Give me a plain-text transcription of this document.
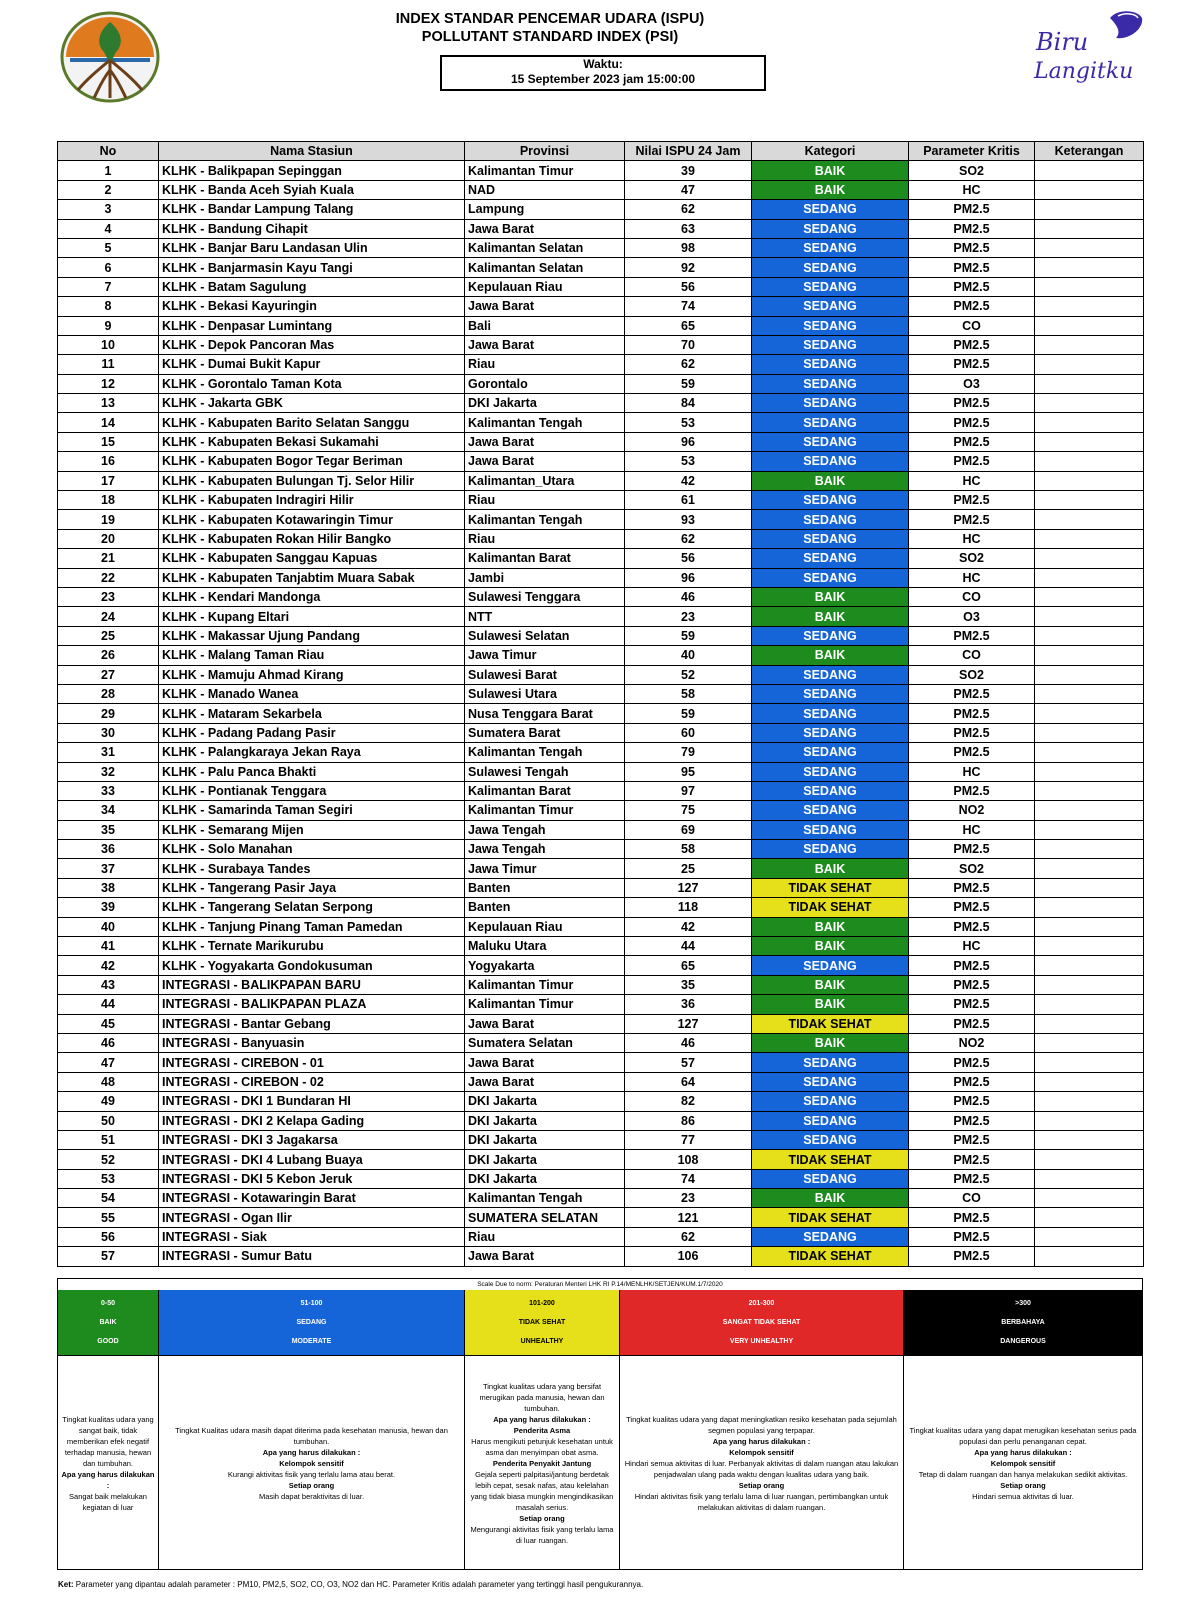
INDEX STANDAR PENCEMAR UDARA (ISPU)
POLLUTANT STANDARD INDEX (PSI)
Waktu:
15 September 2023 jam 15:00:00
Biru
Langitku
No	Nama Stasiun	Provinsi	Nilai ISPU 24 Jam	Kategori	Parameter Kritis	Keterangan
1	KLHK - Balikpapan Sepinggan	Kalimantan Timur	39	BAIK	SO2	
2	KLHK - Banda Aceh Syiah Kuala	NAD	47	BAIK	HC	
3	KLHK - Bandar Lampung Talang	Lampung	62	SEDANG	PM2.5	
4	KLHK - Bandung Cihapit	Jawa Barat	63	SEDANG	PM2.5	
5	KLHK - Banjar Baru Landasan Ulin	Kalimantan Selatan	98	SEDANG	PM2.5	
6	KLHK - Banjarmasin Kayu Tangi	Kalimantan Selatan	92	SEDANG	PM2.5	
7	KLHK - Batam Sagulung	Kepulauan Riau	56	SEDANG	PM2.5	
8	KLHK - Bekasi Kayuringin	Jawa Barat	74	SEDANG	PM2.5	
9	KLHK - Denpasar Lumintang	Bali	65	SEDANG	CO	
10	KLHK - Depok Pancoran Mas	Jawa Barat	70	SEDANG	PM2.5	
11	KLHK - Dumai Bukit Kapur	Riau	62	SEDANG	PM2.5	
12	KLHK - Gorontalo Taman Kota	Gorontalo	59	SEDANG	O3	
13	KLHK - Jakarta GBK	DKI Jakarta	84	SEDANG	PM2.5	
14	KLHK - Kabupaten Barito Selatan Sanggu	Kalimantan Tengah	53	SEDANG	PM2.5	
15	KLHK - Kabupaten Bekasi Sukamahi	Jawa Barat	96	SEDANG	PM2.5	
16	KLHK - Kabupaten Bogor Tegar Beriman	Jawa Barat	53	SEDANG	PM2.5	
17	KLHK - Kabupaten Bulungan Tj. Selor Hilir	Kalimantan_Utara	42	BAIK	HC	
18	KLHK - Kabupaten Indragiri Hilir	Riau	61	SEDANG	PM2.5	
19	KLHK - Kabupaten Kotawaringin Timur	Kalimantan Tengah	93	SEDANG	PM2.5	
20	KLHK - Kabupaten Rokan Hilir Bangko	Riau	62	SEDANG	HC	
21	KLHK - Kabupaten Sanggau Kapuas	Kalimantan Barat	56	SEDANG	SO2	
22	KLHK - Kabupaten Tanjabtim Muara Sabak	Jambi	96	SEDANG	HC	
23	KLHK - Kendari Mandonga	Sulawesi Tenggara	46	BAIK	CO	
24	KLHK - Kupang Eltari	NTT	23	BAIK	O3	
25	KLHK - Makassar Ujung Pandang	Sulawesi Selatan	59	SEDANG	PM2.5	
26	KLHK - Malang Taman Riau	Jawa Timur	40	BAIK	CO	
27	KLHK - Mamuju Ahmad Kirang	Sulawesi Barat	52	SEDANG	SO2	
28	KLHK - Manado Wanea	Sulawesi Utara	58	SEDANG	PM2.5	
29	KLHK - Mataram Sekarbela	Nusa Tenggara Barat	59	SEDANG	PM2.5	
30	KLHK - Padang Padang Pasir	Sumatera Barat	60	SEDANG	PM2.5	
31	KLHK - Palangkaraya Jekan Raya	Kalimantan Tengah	79	SEDANG	PM2.5	
32	KLHK - Palu Panca Bhakti	Sulawesi Tengah	95	SEDANG	HC	
33	KLHK - Pontianak Tenggara	Kalimantan Barat	97	SEDANG	PM2.5	
34	KLHK - Samarinda Taman Segiri	Kalimantan Timur	75	SEDANG	NO2	
35	KLHK - Semarang Mijen	Jawa Tengah	69	SEDANG	HC	
36	KLHK - Solo Manahan	Jawa Tengah	58	SEDANG	PM2.5	
37	KLHK - Surabaya Tandes	Jawa Timur	25	BAIK	SO2	
38	KLHK - Tangerang Pasir Jaya	Banten	127	TIDAK SEHAT	PM2.5	
39	KLHK - Tangerang Selatan Serpong	Banten	118	TIDAK SEHAT	PM2.5	
40	KLHK - Tanjung Pinang Taman Pamedan	Kepulauan Riau	42	BAIK	PM2.5	
41	KLHK - Ternate Marikurubu	Maluku Utara	44	BAIK	HC	
42	KLHK - Yogyakarta Gondokusuman	Yogyakarta	65	SEDANG	PM2.5	
43	INTEGRASI - BALIKPAPAN BARU	Kalimantan Timur	35	BAIK	PM2.5	
44	INTEGRASI - BALIKPAPAN PLAZA	Kalimantan Timur	36	BAIK	PM2.5	
45	INTEGRASI - Bantar Gebang	Jawa Barat	127	TIDAK SEHAT	PM2.5	
46	INTEGRASI - Banyuasin	Sumatera Selatan	46	BAIK	NO2	
47	INTEGRASI - CIREBON - 01	Jawa Barat	57	SEDANG	PM2.5	
48	INTEGRASI - CIREBON - 02	Jawa Barat	64	SEDANG	PM2.5	
49	INTEGRASI - DKI 1 Bundaran HI	DKI Jakarta	82	SEDANG	PM2.5	
50	INTEGRASI - DKI 2 Kelapa Gading	DKI Jakarta	86	SEDANG	PM2.5	
51	INTEGRASI - DKI 3 Jagakarsa	DKI Jakarta	77	SEDANG	PM2.5	
52	INTEGRASI - DKI 4 Lubang Buaya	DKI Jakarta	108	TIDAK SEHAT	PM2.5	
53	INTEGRASI - DKI 5 Kebon Jeruk	DKI Jakarta	74	SEDANG	PM2.5	
54	INTEGRASI - Kotawaringin Barat	Kalimantan Tengah	23	BAIK	CO	
55	INTEGRASI - Ogan Ilir	SUMATERA SELATAN	121	TIDAK SEHAT	PM2.5	
56	INTEGRASI - Siak	Riau	62	SEDANG	PM2.5	
57	INTEGRASI - Sumur Batu	Jawa Barat	106	TIDAK SEHAT	PM2.5	
Scale Due to norm: Peraturan Menteri LHK RI P.14/MENLHK/SETJEN/KUM.1/7/2020
0-50
BAIK
GOOD
Tingkat kualitas udara yang sangat baik, tidak memberikan efek negatif terhadap manusia, hewan dan tumbuhan.
Apa yang harus dilakukan :
Sangat baik melakukan kegiatan di luar
51-100
SEDANG
MODERATE
Tingkat Kualitas udara masih dapat diterima pada kesehatan manusia, hewan dan tumbuhan.
Apa yang harus dilakukan :
Kelompok sensitif
Kurangi aktivitas fisik yang terlalu lama atau berat.
Setiap orang
Masih dapat beraktivitas di luar.
101-200
TIDAK SEHAT
UNHEALTHY
Tingkat kualitas udara yang bersifat merugikan pada manusia, hewan dan tumbuhan.
Apa yang harus dilakukan :
Penderita Asma
Harus mengikuti petunjuk kesehatan untuk asma dan menyimpan obat asma.
Penderita Penyakit Jantung
Gejala seperti palpitasi/jantung berdetak lebih cepat, sesak nafas, atau kelelahan yang tidak biasa mungkin mengindikasikan masalah serius.
Setiap orang
Mengurangi aktivitas fisik yang terlalu lama di luar ruangan.
201-300
SANGAT TIDAK SEHAT
VERY UNHEALTHY
Tingkat kualitas udara yang dapat meningkatkan resiko kesehatan pada sejumlah segmen populasi yang terpapar.
Apa yang harus dilakukan :
Kelompok sensitif
Hindari semua aktivitas di luar. Perbanyak aktivitas di dalam ruangan atau lakukan penjadwalan ulang pada waktu dengan kualitas udara yang baik.
Setiap orang
Hindari aktivitas fisik yang terlalu lama di luar ruangan, pertimbangkan untuk melakukan aktivitas di dalam ruangan.
>300
BERBAHAYA
DANGEROUS
Tingkat kualitas udara yang dapat merugikan kesehatan serius pada populasi dan perlu penanganan cepat.
Apa yang harus dilakukan :
Kelompok sensitif
Tetap di dalam ruangan dan hanya melakukan sedikit aktivitas.
Setiap orang
Hindari semua aktivitas di luar.
Ket: Parameter yang dipantau adalah parameter : PM10, PM2,5, SO2, CO, O3, NO2 dan HC. Parameter Kritis adalah parameter yang tertinggi hasil pengukurannya.
